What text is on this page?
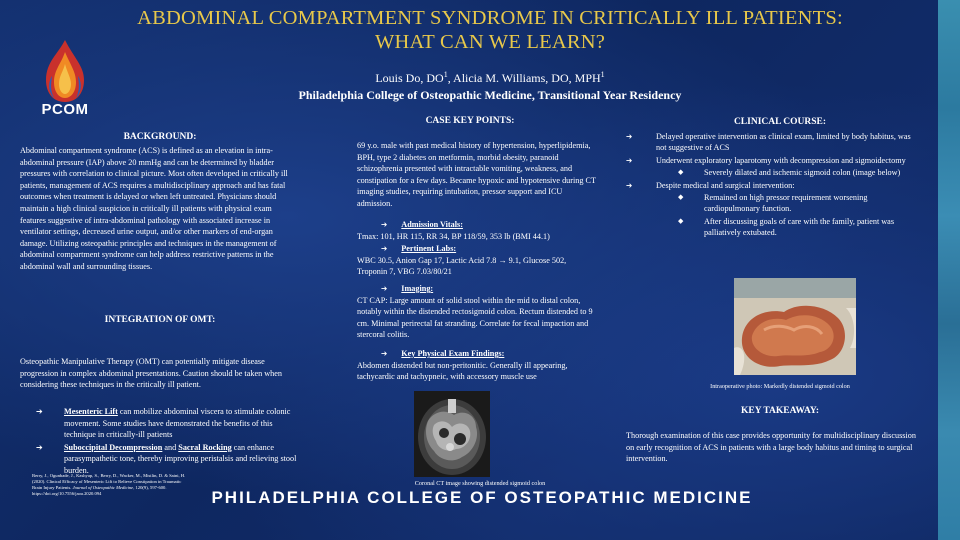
ABDOMINAL COMPARTMENT SYNDROME IN CRITICALLY ILL PATIENTS:
WHAT CAN WE LEARN?
Louis Do, $DO^1$, Alicia M. Williams, DO, MPH$^1$
Philadelphia College of Osteopathic Medicine, Transitional Year Residency
PCOM
BACKGROUND:
Abdominal compartment syndrome (ACS) is defined as an elevation in intra-abdominal pressure (IAP) above 20 mmHg and can be determined by bladder pressures with correlation to clinical picture. Most often developed in critically ill patients, management of ACS requires a multidisciplinary approach and has fatal outcomes when treatment is delayed or when left untreated. Physicians should maintain a high clinical suspicion in critically ill patients with physical exam features suggestive of intra-abdominal pathology with associated increase in ventilator settings, decreased urine output, and/or other markers of end-organ damage. Utilizing osteopathic principles and techniques in the management of abdominal compartment syndrome can help address restrictive patterns in the abdominal wall and surrounding tissues.
INTEGRATION OF OMT:
Osteopathic Manipulative Therapy (OMT) can potentially mitigate disease progression in complex abdominal presentations. Caution should be taken when considering these techniques in the critically ill patient.
➔	Mesenteric Lift can mobilize abdominal viscera to stimulate colonic movement. Some studies have demonstrated the benefits of this technique in critically-ill patients
➔	Suboccipital Decompression and Sacral Rocking can enhance parasympathetic tone, thereby improving peristalsis and relieving stool burden.
Berry, J., Ogunbade, J., Kashyap, S., Berry, D., Wacker, M., Mistlin, D. & Saini, H. (2020). Clinical Efficacy of Mesenteric Lift to Relieve Constipation in Traumatic Brain Injury Patients. Journal of Osteopathic Medicine, 120(9), 597-600. https://doi.org/10.7556/jaoa.2020.094
CASE KEY POINTS:
69 y.o. male with past medical history of hypertension, hyperlipidemia, BPH, type 2 diabetes on metformin, morbid obesity, paranoid schizophrenia presented with intractable vomiting, weakness, and constipation for a few days. Became hypoxic and hypotensive during CT imaging studies, requiring intubation, pressor support and ICU admission.
➔ Admission Vitals:
Tmax: 101, HR 115, RR 34, BP 118/59, 353 lb (BMI 44.1)
➔ Pertinent Labs:
WBC 30.5, Anion Gap 17, Lactic Acid 7.8 → 9.1, Glucose 502, Troponin 7, VBG 7.03/80/21
➔ Imaging:
CT CAP: Large amount of solid stool within the mid to distal colon, notably within the distended rectosigmoid colon. Rectum distended to 9 cm. Minimal perirectal fat stranding. Correlate for fecal impaction and stercoral colitis.
➔ Key Physical Exam Findings:
Abdomen distended but non-peritonitic. Generally ill appearing, tachycardic and tachypneic, with accessory muscle use
Coronal CT image showing distended sigmoid colon
CLINICAL COURSE:
➔	Delayed operative intervention as clinical exam, limited by body habitus, was not suggestive of ACS
➔	Underwent exploratory laparotomy with decompression and sigmoidectomy
◆	Severely dilated and ischemic sigmoid colon (image below)
➔	Despite medical and surgical intervention:
◆	Remained on high pressor requirement worsening cardiopulmonary function.
◆	After discussing goals of care with the family, patient was palliatively extubated.
Intraoperative photo: Markedly distended sigmoid colon
KEY TAKEAWAY:
Thorough examination of this case provides opportunity for multidisciplinary discussion on early recognition of ACS in patients with a large body habitus and timing to surgical intervention.
PHILADELPHIA COLLEGE OF OSTEOPATHIC MEDICINE
